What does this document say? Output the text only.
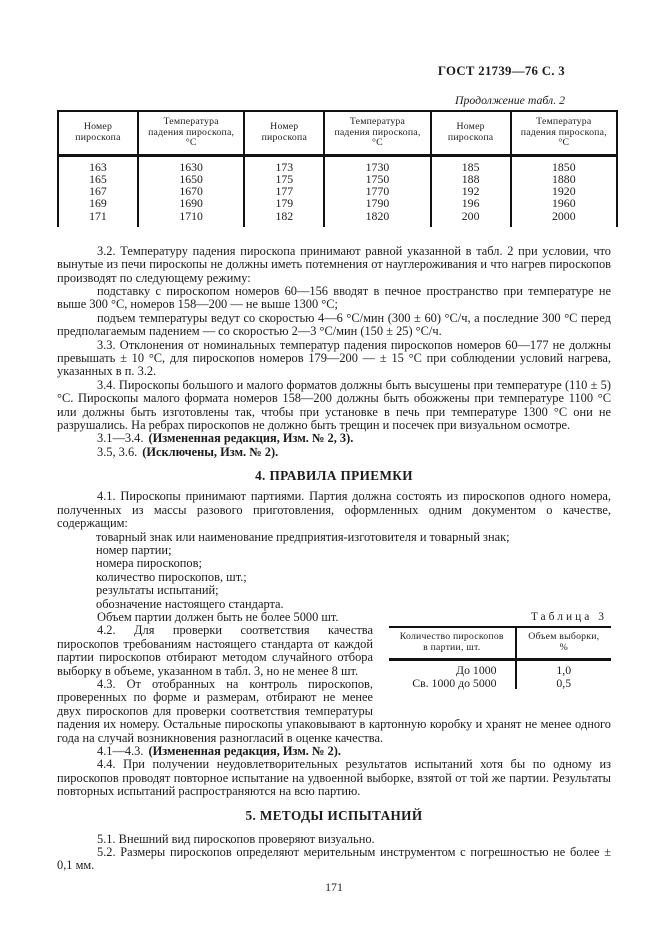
ГОСТ 21739—76 С. 3
Продолжение табл. 2
Номер пироскопа	Температура падения пироскопа, °С	Номер пироскопа	Температура падения пироскопа, °С	Номер пироскопа	Температура падения пироскопа, °С
163	1630	173	1730	185	1850
165	1650	175	1750	188	1880
167	1670	177	1770	192	1920
169	1690	179	1790	196	1960
171	1710	182	1820	200	2000

3.2. Температуру падения пироскопа принимают равной указанной в табл. 2 при условии, что вынутые из печи пироскопы не должны иметь потемнения от науглероживания и что нагрев пироскопов производят по следующему режиму:

подставку с пироскопом номеров 60—156 вводят в печное пространство при температуре не выше 300 °С, номеров 158—200 — не выше 1300 °С;

подъем температуры ведут со скоростью 4—6 °С/мин (300 ± 60) °С/ч, а последние 300 °С перед предполагаемым падением — со скоростью 2—3 °С/мин (150 ± 25) °С/ч.

3.3. Отклонения от номинальных температур падения пироскопов номеров 60—177 не должны превышать ± 10 °С, для пироскопов номеров 179—200 — ± 15 °С при соблюдении условий нагрева, указанных в п. 3.2.

3.4. Пироскопы большого и малого форматов должны быть высушены при температуре (110 ± 5) °С. Пироскопы малого формата номеров 158—200 должны быть обожжены при температуре 1100 °С или должны быть изготовлены так, чтобы при установке в печь при температуре 1300 °С они не разрушались. На ребрах пироскопов не должно быть трещин и посечек при визуальном осмотре.

3.1—3.4. (Измененная редакция, Изм. № 2, 3).

3.5, 3.6. (Исключены, Изм. № 2).

4. ПРАВИЛА ПРИЕМКИ

4.1. Пироскопы принимают партиями. Партия должна состоять из пироскопов одного номера, полученных из массы разового приготовления, оформленных одним документом о качестве, содержащим:

товарный знак или наименование предприятия-изготовителя и товарный знак;
номер партии;
номера пироскопов;
количество пироскопов, шт.;
результаты испытаний;
обозначение настоящего стандарта.
Таблица 3
Количество пироскопов в партии, шт.	Объем выборки, %
До 1000	1,0
Св. 1000 до 5000	0,5

Объем партии должен быть не более 5000 шт.

4.2. Для проверки соответствия качества пироскопов требованиям настоящего стандарта от каждой партии пироскопов отбирают методом случайного отбора выборку в объеме, указанном в табл. 3, но не менее 8 шт.

4.3. От отобранных на контроль пироскопов, проверенных по форме и размерам, отбирают не менее двух пироскопов для проверки соответствия температуры падения их номеру. Остальные пироскопы упаковывают в картонную коробку и хранят не менее одного года на случай возникновения разногласий в оценке качества.

4.1—4.3. (Измененная редакция, Изм. № 2).

4.4. При получении неудовлетворительных результатов испытаний хотя бы по одному из пироскопов проводят повторное испытание на удвоенной выборке, взятой от той же партии. Результаты повторных испытаний распространяются на всю партию.

5. МЕТОДЫ ИСПЫТАНИЙ

5.1. Внешний вид пироскопов проверяют визуально.

5.2. Размеры пироскопов определяют мерительным инструментом с погрешностью не более ± 0,1 мм.

171
